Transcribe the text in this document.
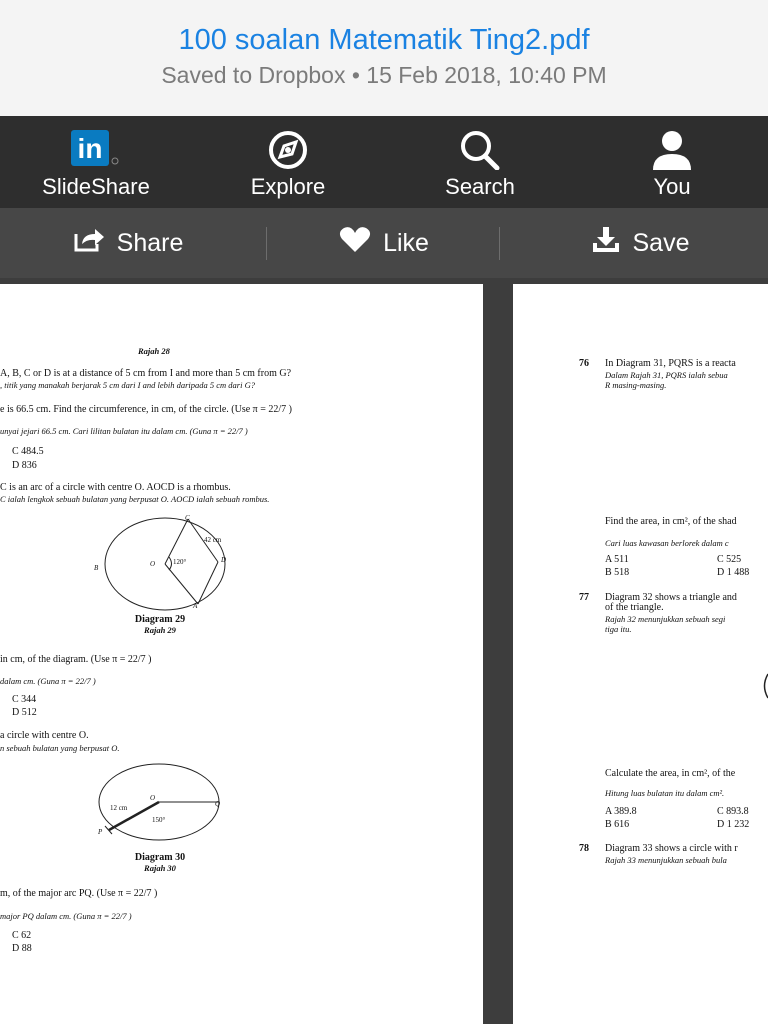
100 soalan Matematik Ting2.pdf
Saved to Dropbox • 15 Feb 2018, 10:40 PM
in
SlideShare	Explore	Search	You
Share	Like	Save
Rajah 28
A, B, C or D is at a distance of 5 cm from I and more than 5 cm from G?
, titik yang manakah berjarak 5 cm dari I and lebih daripada 5 cm dari G?
e is 66.5 cm. Find the circumference, in cm, of the circle. (Use π = 22/7 )
unyai jejari 66.5 cm. Cari lilitan bulatan itu dalam cm. (Guna π = 22/7 )
C 484.5
D 836
C is an arc of a circle with centre O. AOCD is a rhombus.
C ialah lengkok sebuah bulatan yang berpusat O. AOCD ialah sebuah rombus.
C
42 cm
D
B	O	120°
A
Diagram 29
Rajah 29
in cm, of the diagram. (Use π = 22/7 )
dalam cm. (Guna π = 22/7 )
C 344
D 512
a circle with centre O.
n sebuah bulatan yang berpusat O.
O
Q
12 cm
150°
P
Diagram 30
Rajah 30
m, of the major arc PQ. (Use π = 22/7 )
major PQ dalam cm. (Guna π = 22/7 )
C 62
D 88
76 In Diagram 31, PQRS is a reacta
Dalam Rajah 31, PQRS ialah sebua
R masing-masing.
Find the area, in cm², of the shad
Cari luas kawasan berlorek dalam c
A 511	C 525
B 518	D 1 488
77 Diagram 32 shows a triangle and
of the triangle.
Rajah 32 menunjukkan sebuah segi
tiga itu.
Calculate the area, in cm², of the
Hitung luas bulatan itu dalam cm².
A 389.8	C 893.8
B 616	D 1 232
78 Diagram 33 shows a circle with r
Rajah 33 menunjukkan sebuah bula
